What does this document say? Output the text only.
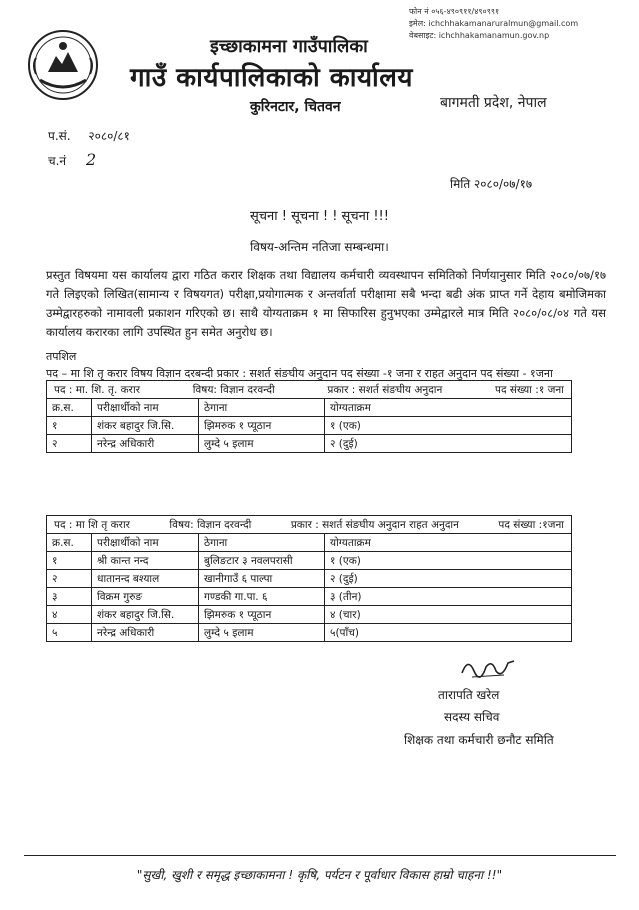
फोन नं ०५६-४९०९११/४९०९९१
इमेल: ichchhakamanaruralmun@gmail.com
वेबसाइट: ichchhakamanamun.gov.np
इच्छाकामना गाउँपालिका
गाउँ कार्यपालिकाको कार्यालय
कुरिनटार, चितवन	बागमती प्रदेश, नेपाल
प.सं. २०८०/८१
च.नं 2
मिति २०८०/०७/१७
सूचना ! सूचना ! ! सूचना !!!
विषय-अन्तिम नतिजा सम्बन्धमा।
प्रस्तुत विषयमा यस कार्यालय द्वारा गठित करार शिक्षक तथा विद्यालय कर्मचारी व्यवस्थापन समितिको निर्णयानुसार मिति २०८०/०७/१७ गते लिइएको लिखित(सामान्य र विषयगत) परीक्षा,प्रयोगात्मक र अन्तर्वार्ता परीक्षामा सबै भन्दा बढी अंक प्राप्त गर्ने देहाय बमोजिमका उम्मेद्वारहरुको नामावली प्रकाशन गरिएको छ। साथै योग्यताक्रम १ मा सिफारिस हुनुभएका उम्मेद्वारले मात्र मिति २०८०/०८/०४ गते यस कार्यालय करारका लागि उपस्थित हुन समेत अनुरोध छ।
तपशिल
पद – मा शि तृ करार विषय विज्ञान दरबन्दी प्रकार : सशर्त संङघीय अनुदान पद संख्या -१ जना र राहत अनुदान पद संख्या - १जना
पद : मा. शि. तृ. करार विषय: विज्ञान दरवन्दी प्रकार : सशर्त संङघीय अनुदान पद संख्या :१ जना			

क्र.स.	परीक्षार्थीको नाम	ठेगाना	योग्यताक्रम
१	शंकर बहादुर जि.सि.	झिमरुक १ प्यूठान	१ (एक)
२	नरेन्द्र अधिकारी	लुम्दे ५ इलाम	२ (दुई)
पद : मा शि तृ करार विषय: विज्ञान दरवन्दी प्रकार : सशर्त संङघीय अनुदान राहत अनुदान पद संख्या :१जना			

क्र.स.	परीक्षार्थीको नाम	ठेगाना	योग्यताक्रम
१	श्री कान्त नन्द	बुलिङटार ३ नवलपरासी	१ (एक)
२	धातानन्द बश्याल	खानीगाउँ ६ पाल्पा	२ (दुई)
३	विक्रम गुरुङ	गण्डकी गा.पा. ६	३ (तीन)
४	शंकर बहादुर जि.सि.	झिमरुक १ प्यूठान	४ (चार)
५	नरेन्द्र अधिकारी	लुम्दे ५ इलाम	५(पाँच)
तारापति खरेल
सदस्य सचिव
शिक्षक तथा कर्मचारी छनौट समिति
"सुखी, खुशी र समृद्ध इच्छाकामना ! कृषि, पर्यटन र पूर्वाधार विकास हाम्रो चाहना !!"
